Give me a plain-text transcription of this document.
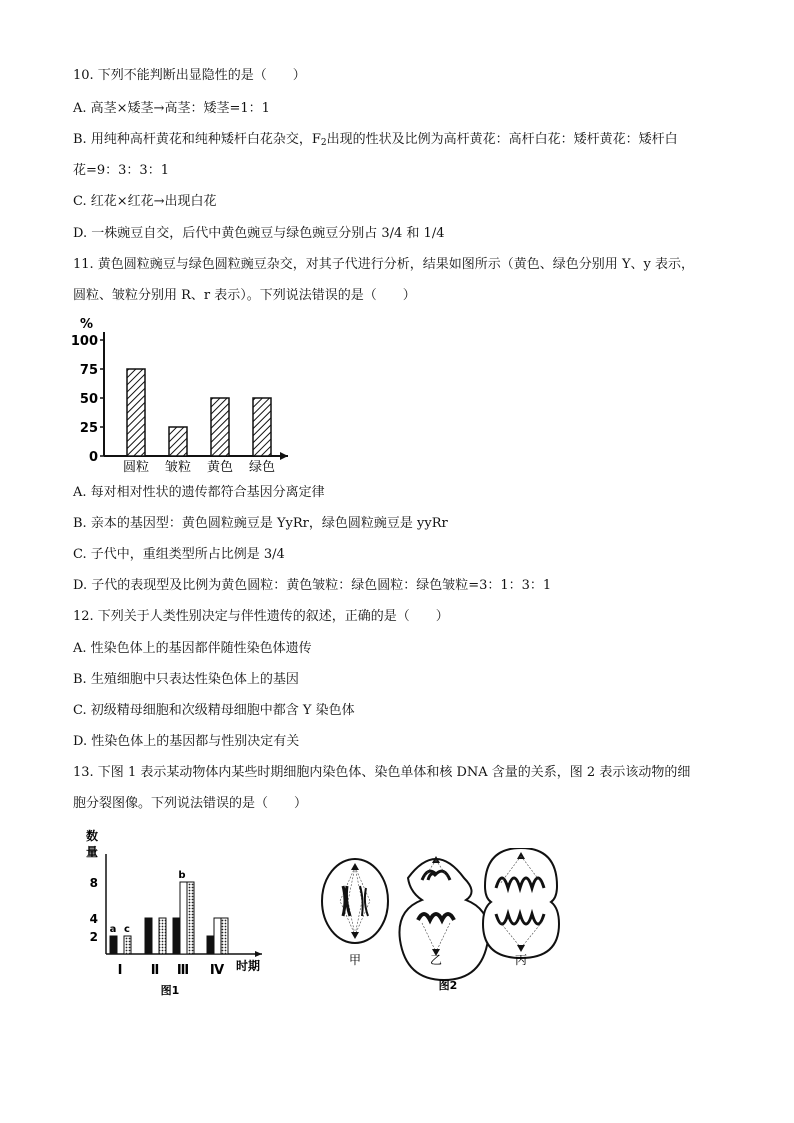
10. 下列不能判断出显隐性的是（　　）
A. 高茎×矮茎→高茎：矮茎=1：1
B. 用纯种高杆黄花和纯种矮杆白花杂交，$F_2$出现的性状及比例为高杆黄花：高杆白花：矮杆黄花：矮杆白
花=9：3：3：1
C. 红花×红花→出现白花
D. 一株豌豆自交，后代中黄色豌豆与绿色豌豆分别占 3/4 和 1/4
11. 黄色圆粒豌豆与绿色圆粒豌豆杂交，对其子代进行分析，结果如图所示（黄色、绿色分别用 Y、y 表示，
圆粒、皱粒分别用 R、r 表示）。下列说法错误的是（　　）
%
100
75
50
25
0
圆粒 皱粒 黄色 绿色
A. 每对相对性状的遗传都符合基因分离定律
B. 亲本的基因型：黄色圆粒豌豆是 YyRr，绿色圆粒豌豆是 yyRr
C. 子代中，重组类型所占比例是 3/4
D. 子代的表现型及比例为黄色圆粒：黄色皱粒：绿色圆粒：绿色皱粒=3：1：3：1
12. 下列关于人类性别决定与伴性遗传的叙述，正确的是（　　）
A. 性染色体上的基因都伴随性染色体遗传
B. 生殖细胞中只表达性染色体上的基因
C. 初级精母细胞和次级精母细胞中都含 Y 染色体
D. 性染色体上的基因都与性别决定有关
13. 下图 1 表示某动物体内某些时期细胞内染色体、染色单体和核 DNA 含量的关系，图 2 表示该动物的细
胞分裂图像。下列说法错误的是（　　）
数
量
8
4
2
Ⅰ Ⅱ Ⅲ Ⅳ
a c
b
时期
图1
甲	乙	丙
图2
